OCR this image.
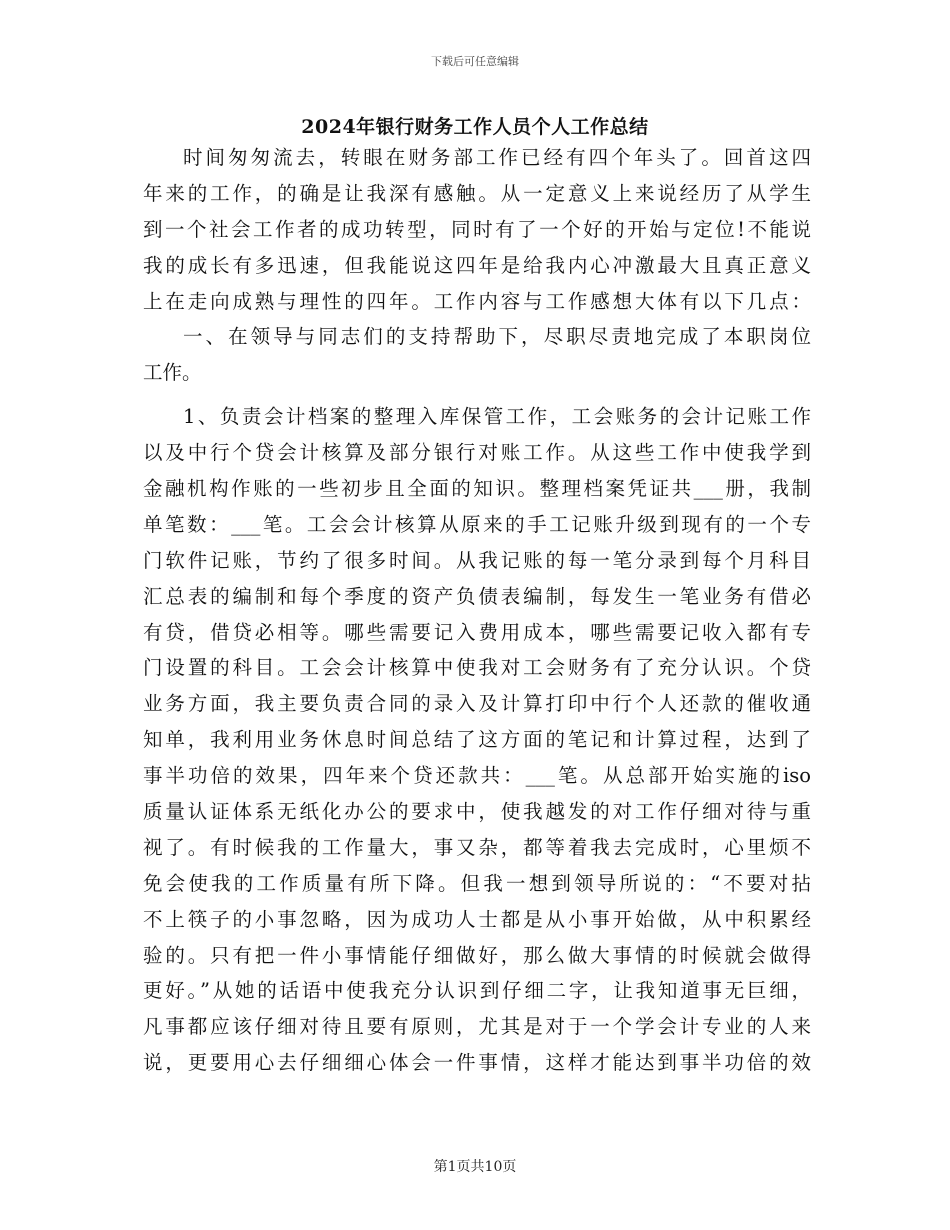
下载后可任意编辑
2024年银行财务工作人员个人工作总结
时间匆匆流去，转眼在财务部工作已经有四个年头了。回首这四
年来的工作，的确是让我深有感触。从一定意义上来说经历了从学生
到一个社会工作者的成功转型，同时有了一个好的开始与定位!不能说
我的成长有多迅速，但我能说这四年是给我内心冲激最大且真正意义
上在走向成熟与理性的四年。工作内容与工作感想大体有以下几点：
一、在领导与同志们的支持帮助下，尽职尽责地完成了本职岗位
工作。
1、负责会计档案的整理入库保管工作，工会账务的会计记账工作
以及中行个贷会计核算及部分银行对账工作。从这些工作中使我学到
金融机构作账的一些初步且全面的知识。整理档案凭证共___册，我制
单笔数：___笔。工会会计核算从原来的手工记账升级到现有的一个专
门软件记账，节约了很多时间。从我记账的每一笔分录到每个月科目
汇总表的编制和每个季度的资产负债表编制，每发生一笔业务有借必
有贷，借贷必相等。哪些需要记入费用成本，哪些需要记收入都有专
门设置的科目。工会会计核算中使我对工会财务有了充分认识。个贷
业务方面，我主要负责合同的录入及计算打印中行个人还款的催收通
知单，我利用业务休息时间总结了这方面的笔记和计算过程，达到了
事半功倍的效果，四年来个贷还款共：___笔。从总部开始实施的iso
质量认证体系无纸化办公的要求中，使我越发的对工作仔细对待与重
视了。有时候我的工作量大，事又杂，都等着我去完成时，心里烦不
免会使我的工作质量有所下降。但我一想到领导所说的：“不要对拈
不上筷子的小事忽略，因为成功人士都是从小事开始做，从中积累经
验的。只有把一件小事情能仔细做好，那么做大事情的时候就会做得
更好。”从她的话语中使我充分认识到仔细二字，让我知道事无巨细，
凡事都应该仔细对待且要有原则，尤其是对于一个学会计专业的人来
说，更要用心去仔细细心体会一件事情，这样才能达到事半功倍的效
第1页共10页
